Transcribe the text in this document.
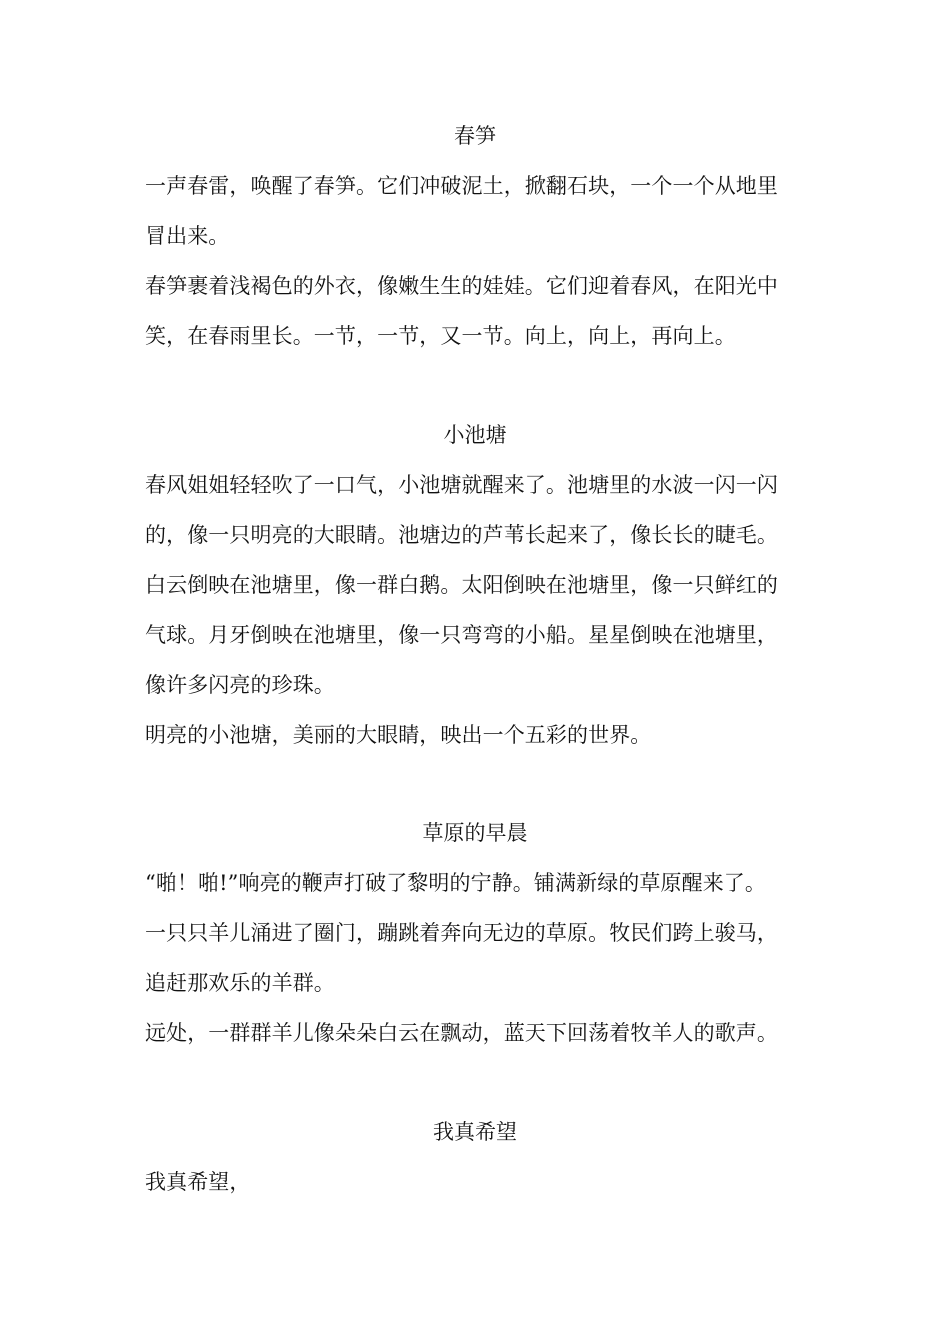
春笋
一声春雷，唤醒了春笋。它们冲破泥土，掀翻石块，一个一个从地里
冒出来。
春笋裹着浅褐色的外衣，像嫩生生的娃娃。它们迎着春风，在阳光中
笑，在春雨里长。一节，一节，又一节。向上，向上，再向上。
小池塘
春风姐姐轻轻吹了一口气，小池塘就醒来了。池塘里的水波一闪一闪
的，像一只明亮的大眼睛。池塘边的芦苇长起来了，像长长的睫毛。
白云倒映在池塘里，像一群白鹅。太阳倒映在池塘里，像一只鲜红的
气球。月牙倒映在池塘里，像一只弯弯的小船。星星倒映在池塘里，
像许多闪亮的珍珠。
明亮的小池塘，美丽的大眼睛，映出一个五彩的世界。
草原的早晨
“啪！啪!”响亮的鞭声打破了黎明的宁静。铺满新绿的草原醒来了。
一只只羊儿涌进了圈门，蹦跳着奔向无边的草原。牧民们跨上骏马，
追赶那欢乐的羊群。
远处，一群群羊儿像朵朵白云在飘动，蓝天下回荡着牧羊人的歌声。
我真希望
我真希望，
